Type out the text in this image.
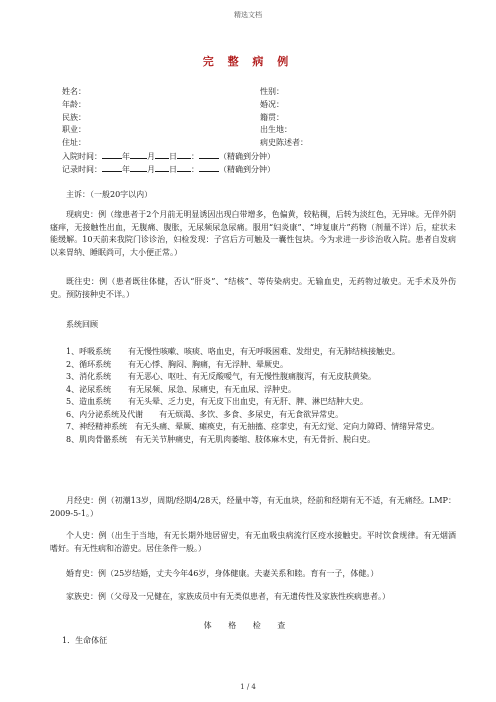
精选文档
完 整 病 例
姓名：	性别：
年龄：	婚况：
民族：	籍贯：
职业：	出生地：
住址：	病史陈述者：
入院时间：	年 月 日 ：	（精确到分钟）
记录时间：	年 月 日 ：	（精确到分钟）

主诉：（一般20字以内）

现病史：例（缘患者于2个月前无明显诱因出现白带增多，色偏黄，较粘稠，后转为淡红色，无异味。无伴外阴瘙痒，无接触性出血，无腹痛、腹胀，无尿频尿急尿痛。服用“妇炎康”、“坤复康片”药物（剂量不详）后，症状未能缓解。10天前来我院门诊诊治，妇检发现：子宫后方可触及一囊性包块。今为求进一步诊治收入院。患者自发病以来胃纳、睡眠尚可，大小便正常。）

既往史：例（患者既往体健，否认“肝炎”、“结核”、等传染病史。无输血史，无药物过敏史。无手术及外伤史。预防接种史不详。）

系统回顾

1、呼吸系统 有无慢性咳嗽、咳痰、咯血史，有无呼吸困难、发绀史，有无肺结核接触史。

2、循环系统 有无心悸、胸闷、胸痛，有无浮肿、晕厥史。

3、消化系统 有无恶心、呕吐、有无反酸嗳气，有无慢性腹痛腹泻，有无皮肤黄染。

4、泌尿系统 有无尿频、尿急、尿痛史，有无血尿、浮肿史。

5、造血系统 有无头晕、乏力史，有无皮下出血史，有无肝、脾、淋巴结肿大史。

6、内分泌系统及代谢　　 有无烦渴、多饮、多食、多尿史，有无食欲异常史。

7、神经精神系统　 有无头痛、晕厥、瘫痪史，有无抽搐、痉挛史，有无幻觉、定向力障碍、情绪异常史。

8、肌肉骨骼系统　 有无关节肿痛史，有无肌肉萎缩、肢体麻木史，有无骨折、脱臼史。

月经史：例（初潮13岁，周期/经期4/28天，经量中等，有无血块，经前和经期有无不适，有无痛经。LMP：2009-5-1。）

个人史：例（出生于当地，有无长期外地居留史，有无血吸虫病流行区疫水接触史。平时饮食规律。有无烟酒嗜好。有无性病和冶游史。居住条件一般。）

婚育史：例（25岁结婚，丈夫今年46岁，身体健康。夫妻关系和睦。育有一子，体健。）

家族史：例（父母及一兄健在，家族成员中有无类似患者，有无遗传性及家族性疾病患者。）

体 格 检 查
1．生命体征
1 / 4
